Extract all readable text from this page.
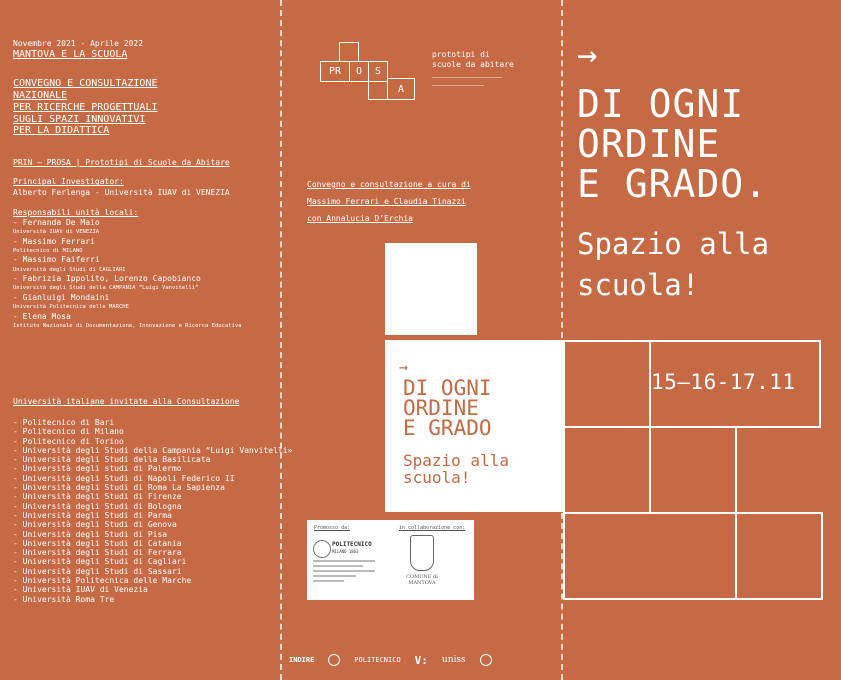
Novembre 2021 - Aprile 2022
MANTOVA E LA SCUOLA
CONVEGNO E CONSULTAZIONE
NAZIONALE
PER RICERCHE PROGETTUALI
SUGLI SPAZI INNOVATIVI
PER LA DIDATTICA
PRIN – PROSA | Prototipi di Scuole da Abitare
Principal Investigator:
Alberto Ferlenga - Università IUAV di VENEZIA
Responsabili unità locali:
- Fernanda De Maio
Università IUAV di VENEZIA
- Massimo Ferrari
Politecnico di MILANO
- Massimo Faiferri
Università degli Studi di CAGLIARI
- Fabrizia Ippolito, Lorenzo Capobianco
Università degli Studi della CAMPANIA “Luigi Vanvitelli”
- Gianluigi Mondaini
Università Politecnica delle MARCHE
- Elena Mosa
Istituto Nazionale di Documentazione, Innovazione e Ricerca Educativa
Università italiane invitate alla Consultazione
- Politecnico di Bari
- Politecnico di Milano
- Politecnico di Torino
- Università degli Studi della Campania “Luigi Vanvitelli»
- Università degli Studi della Basilicata
- Università degli studi di Palermo
- Università degli Studi di Napoli Federico II
- Università degli Studi di Roma La Sapienza
- Università degli Studi di Firenze
- Università degli Studi di Bologna
- Università degli Studi di Parma
- Università degli Studi di Genova
- Università degli Studi di Pisa
- Università degli Studi di Catania
- Università degli Studi di Ferrara
- Università degli Studi di Cagliari
- Università degli Studi di Sassari
- Università Politecnica delle Marche
- Università IUAV di Venezia
- Università Roma Tre
PR	O	S
A
prototipi di
scuole da abitare
Convegno e consultazione a cura di
Massimo Ferrari e Claudia Tinazzi
con Annalucia D’Erchia
→
DI OGNI
ORDINE
E GRADO
Spazio alla
scuola!
Promosso da:	in collaborazione con:
POLITECNICO
MILANO 1863
COMUNE di MANTOVA
INDIRE	POLITECNICO V: uniss
→
DI OGNI
ORDINE
E GRADO.
Spazio alla
scuola!
15–16-17.11
